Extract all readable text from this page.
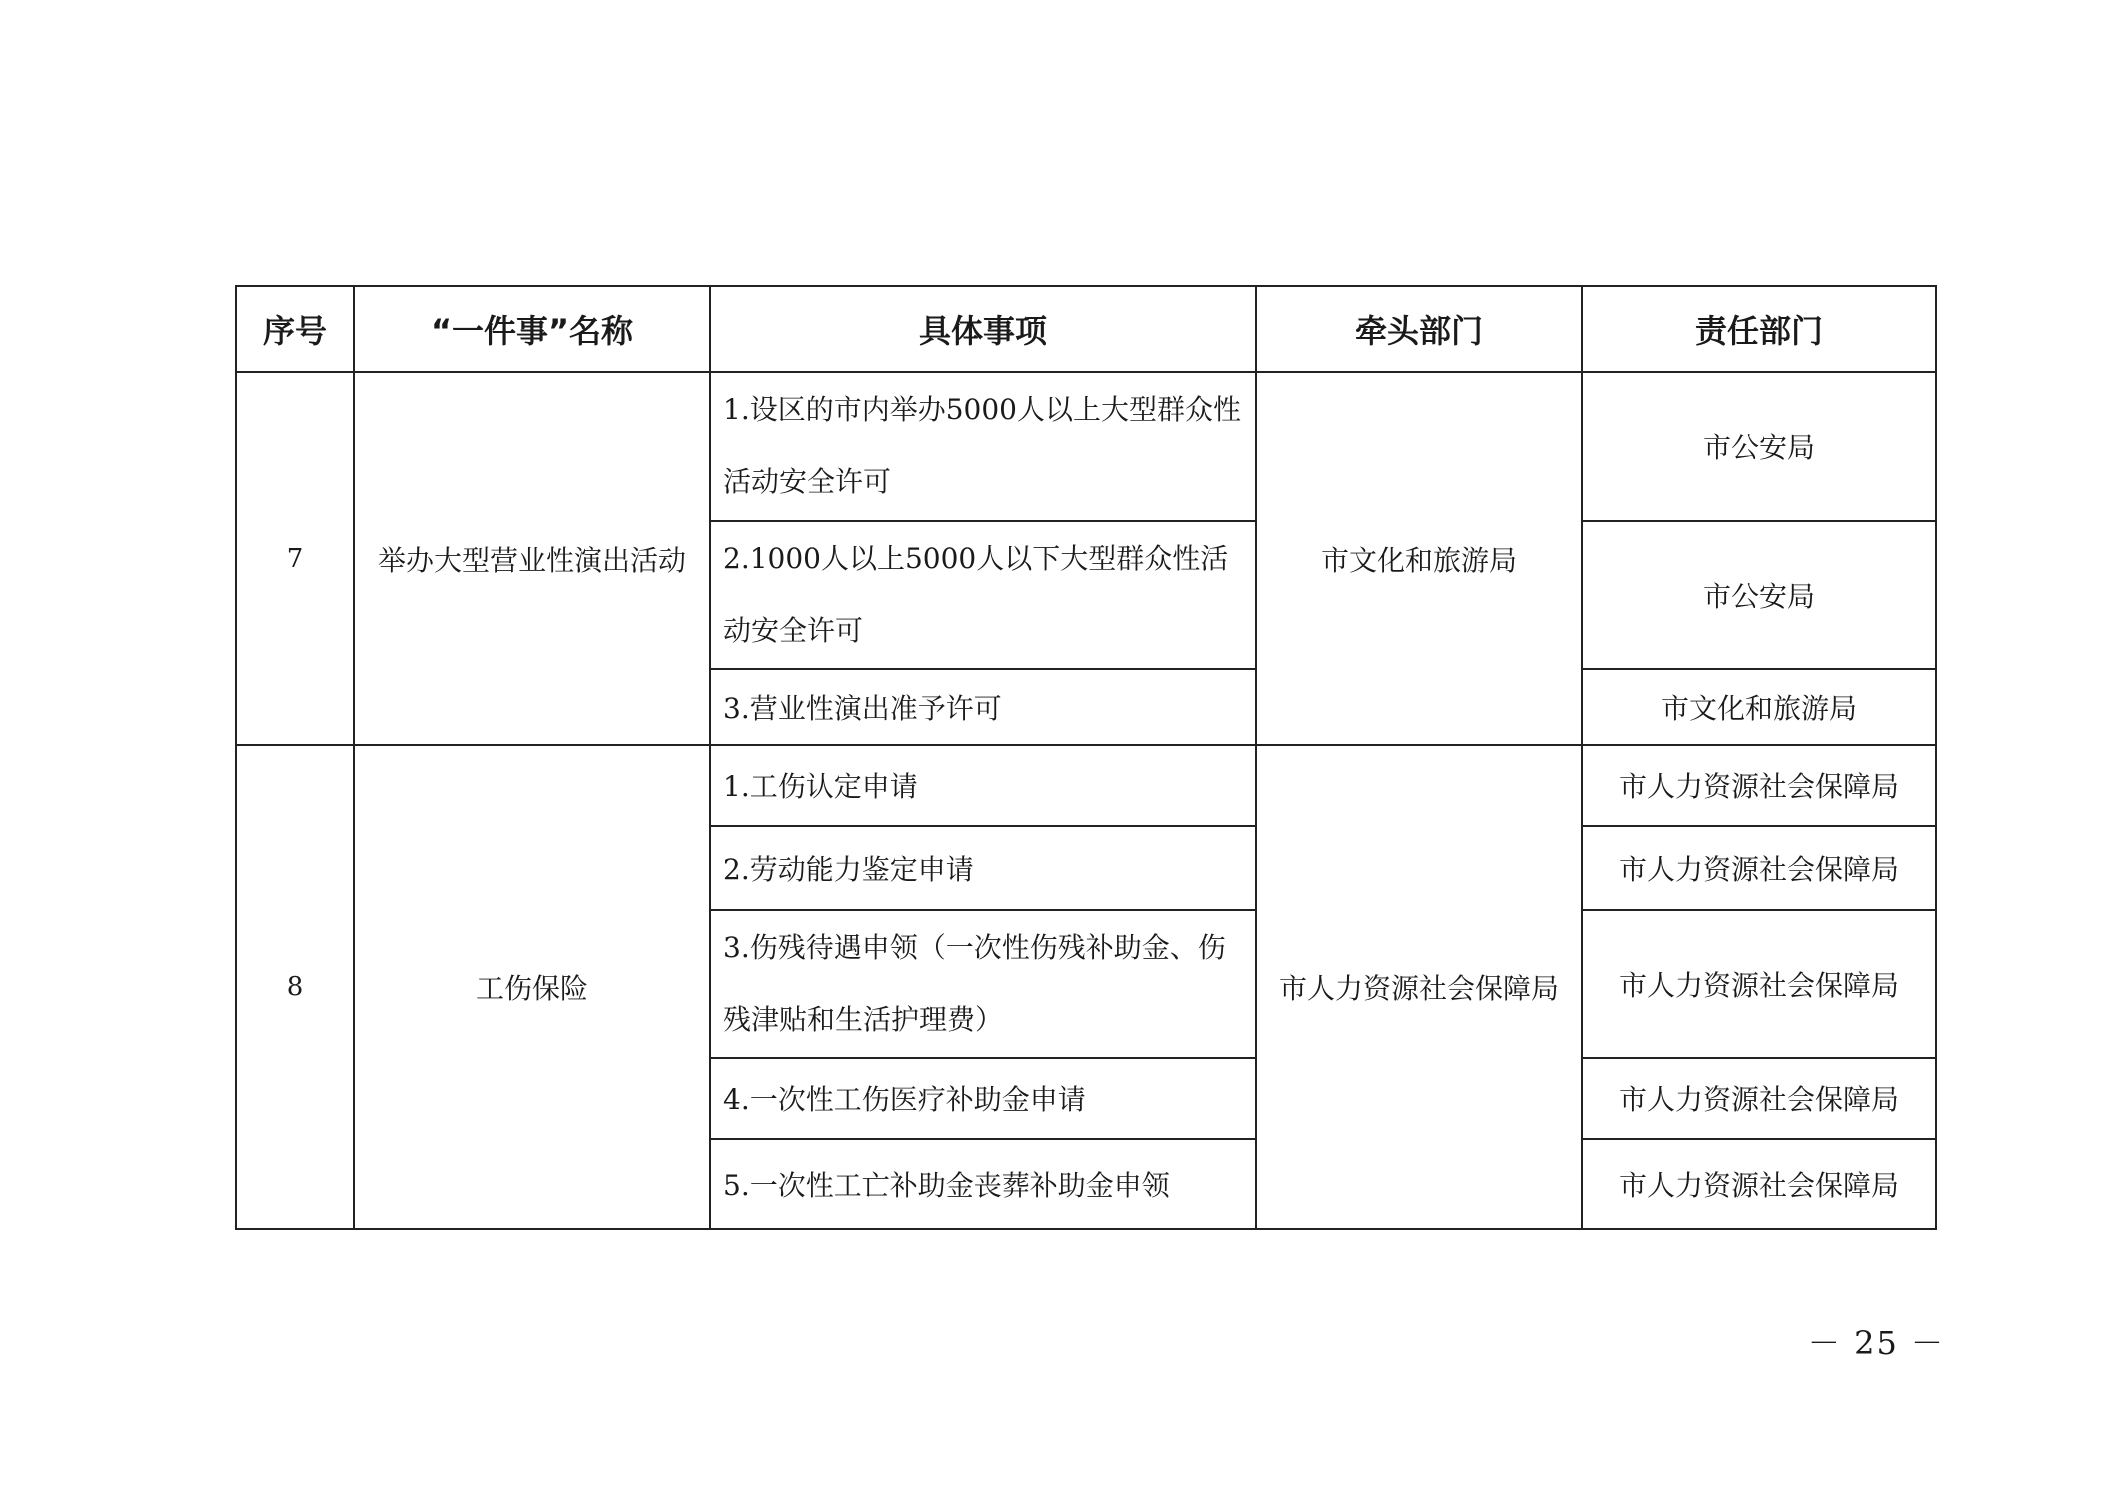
序号	“一件事”名称	具体事项	牵头部门	责任部门
7	举办大型营业性演出活动	1.设区的市内举办5000人以上大型群众性活动安全许可	市文化和旅游局	市公安局
		2.1000人以上5000人以下大型群众性活动安全许可		市公安局
		3.营业性演出准予许可		市文化和旅游局
8	工伤保险	1.工伤认定申请	市人力资源社会保障局	市人力资源社会保障局
		2.劳动能力鉴定申请		市人力资源社会保障局
		3.伤残待遇申领（一次性伤残补助金、伤残津贴和生活护理费）		市人力资源社会保障局
		4.一次性工伤医疗补助金申请		市人力资源社会保障局
		5.一次性工亡补助金丧葬补助金申领		市人力资源社会保障局
－ 25 －
